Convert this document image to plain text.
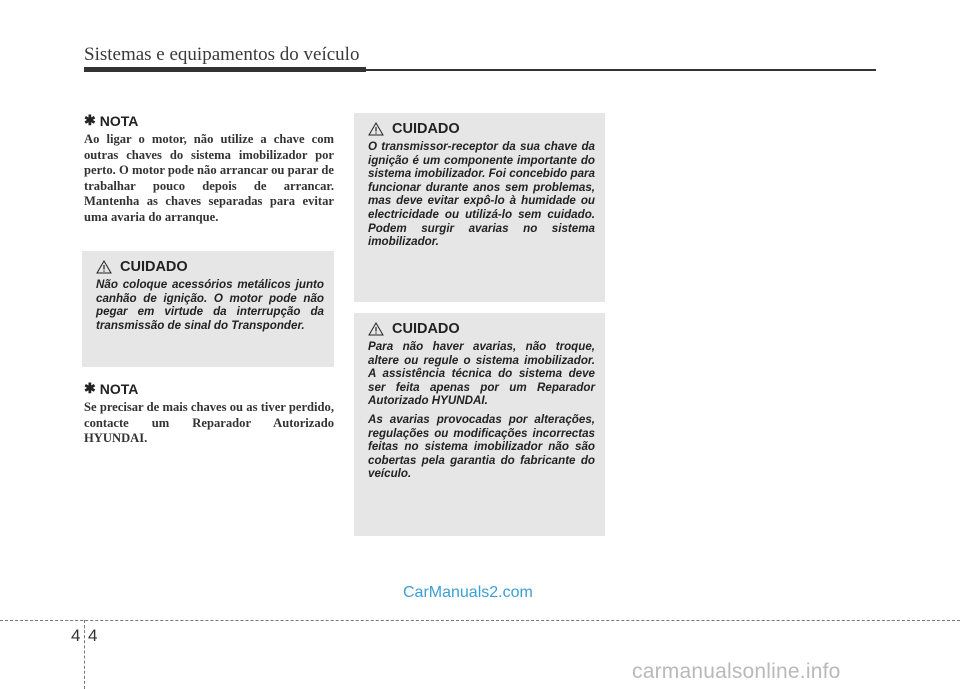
Sistemas e equipamentos do veículo
✱ NOTA

Ao ligar o motor, não utilize a chave com outras chaves do sistema imobilizador por perto. O motor pode não arrancar ou parar de trabalhar pouco depois de arrancar. Mantenha as chaves separadas para evitar uma avaria do arranque.

CUIDADO

Não coloque acessórios metálicos junto canhão de ignição. O motor pode não pegar em virtude da interrupção da transmissão de sinal do Transponder.

✱ NOTA

Se precisar de mais chaves ou as tiver perdido, contacte um Reparador Autorizado HYUNDAI.

CUIDADO

O transmissor-receptor da sua chave da ignição é um componente importante do sistema imobilizador. Foi concebido para funcionar durante anos sem problemas, mas deve evitar expô-lo à humidade ou electricidade ou utilizá-lo sem cuidado. Podem surgir avarias no sistema imobilizador.

CUIDADO

Para não haver avarias, não troque, altere ou regule o sistema imobilizador. A assistência técnica do sistema deve ser feita apenas por um Reparador Autorizado HYUNDAI.

As avarias provocadas por alterações, regulações ou modificações incorrectas feitas no sistema imobilizador não são cobertas pela garantia do fabricante do veículo.

CarManuals2.com
4 4
carmanualsonline.info
